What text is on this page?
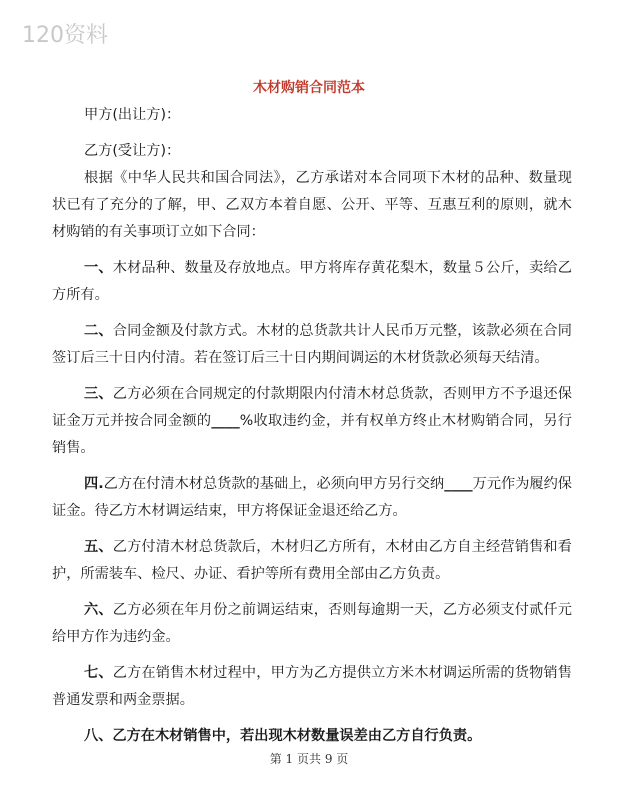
120资料
木材购销合同范本

甲方(出让方)：

乙方(受让方)：

根据《中华人民共和国合同法》，乙方承诺对本合同项下木材的品种、数量现状已有了充分的了解，甲、乙双方本着自愿、公开、平等、互惠互利的原则，就木材购销的有关事项订立如下合同：

一、木材品种、数量及存放地点。甲方将库存黄花梨木，数量５公斤，卖给乙方所有。

二、合同金额及付款方式。木材的总货款共计人民币万元整，该款必须在合同签订后三十日内付清。若在签订后三十日内期间调运的木材货款必须每天结清。

三、乙方必须在合同规定的付款期限内付清木材总货款，否则甲方不予退还保证金万元并按合同金额的____%收取违约金，并有权单方终止木材购销合同，另行销售。

四.乙方在付清木材总货款的基础上，必须向甲方另行交纳____万元作为履约保证金。待乙方木材调运结束，甲方将保证金退还给乙方。

五、乙方付清木材总货款后，木材归乙方所有，木材由乙方自主经营销售和看护，所需装车、检尺、办证、看护等所有费用全部由乙方负责。

六、乙方必须在年月份之前调运结束，否则每逾期一天，乙方必须支付贰仟元给甲方作为违约金。

七、乙方在销售木材过程中，甲方为乙方提供立方米木材调运所需的货物销售普通发票和两金票据。

八、乙方在木材销售中，若出现木材数量误差由乙方自行负责。

第 1 页共 9 页
